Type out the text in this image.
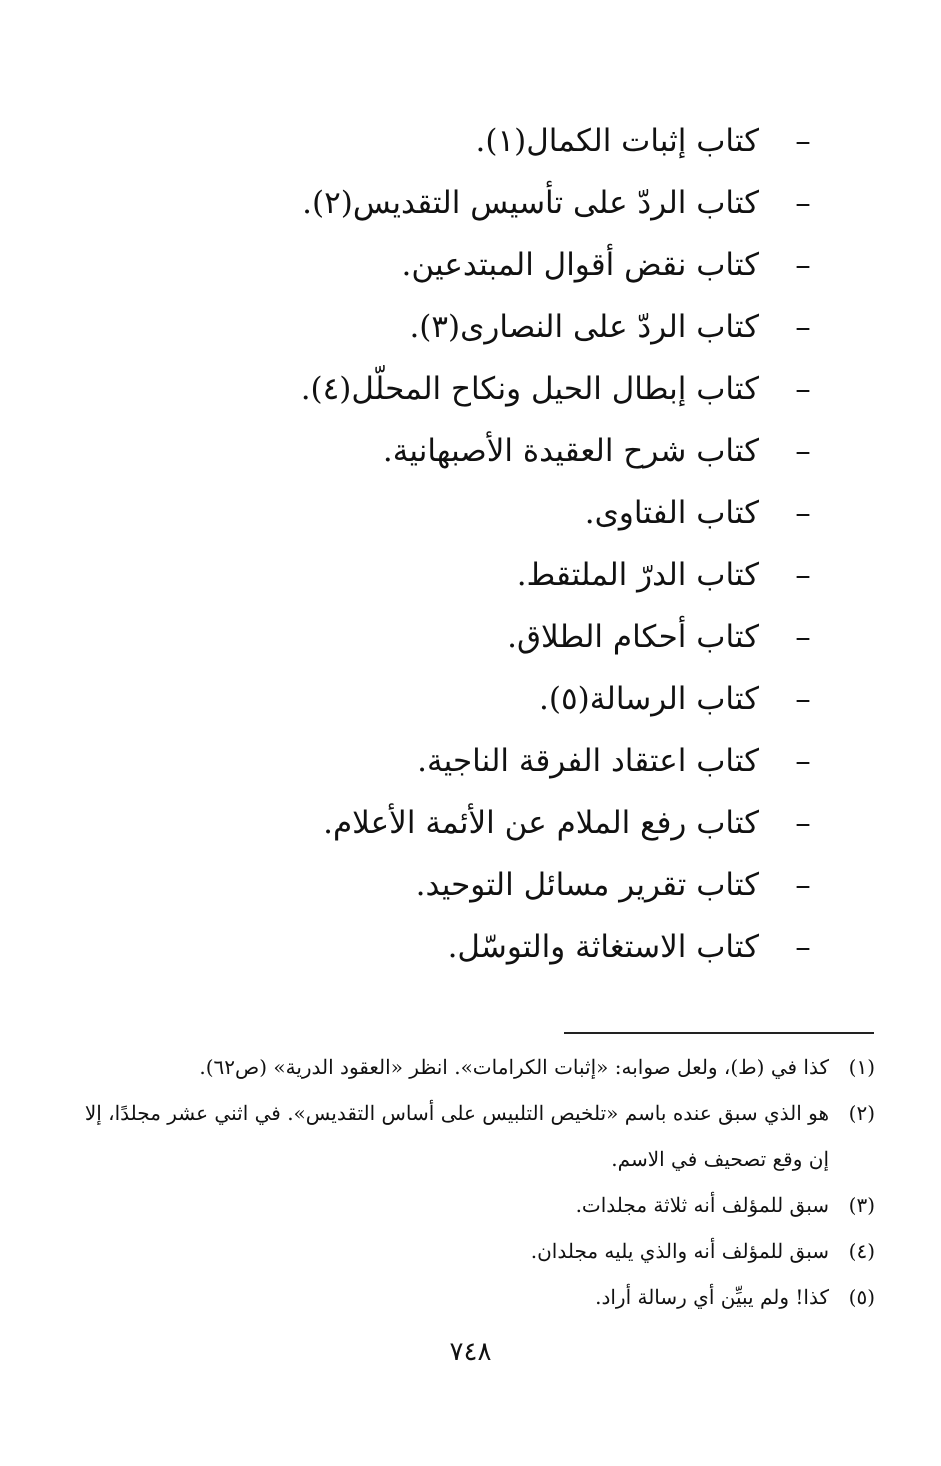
–كتاب إثبات الكمال(١).
–كتاب الردّ على تأسيس التقديس(٢).
–كتاب نقض أقوال المبتدعين.
–كتاب الردّ على النصارى(٣).
–كتاب إبطال الحيل ونكاح المحلّل(٤).
–كتاب شرح العقيدة الأصبهانية.
–كتاب الفتاوى.
–كتاب الدرّ الملتقط.
–كتاب أحكام الطلاق.
–كتاب الرسالة(٥).
–كتاب اعتقاد الفرقة الناجية.
–كتاب رفع الملام عن الأئمة الأعلام.
–كتاب تقرير مسائل التوحيد.
–كتاب الاستغاثة والتوسّل.
(١)
كذا في (ط)، ولعل صوابه: «إثبات الكرامات». انظر «العقود الدرية» (ص٦٢).
(٢)
هو الذي سبق عنده باسم «تلخيص التلبيس على أساس التقديس». في اثني عشر مجلدًا، إلا إن وقع تصحيف في الاسم.
(٣)
سبق للمؤلف أنه ثلاثة مجلدات.
(٤)
سبق للمؤلف أنه والذي يليه مجلدان.
(٥)
كذا! ولم يبيِّن أي رسالة أراد.
٧٤٨
